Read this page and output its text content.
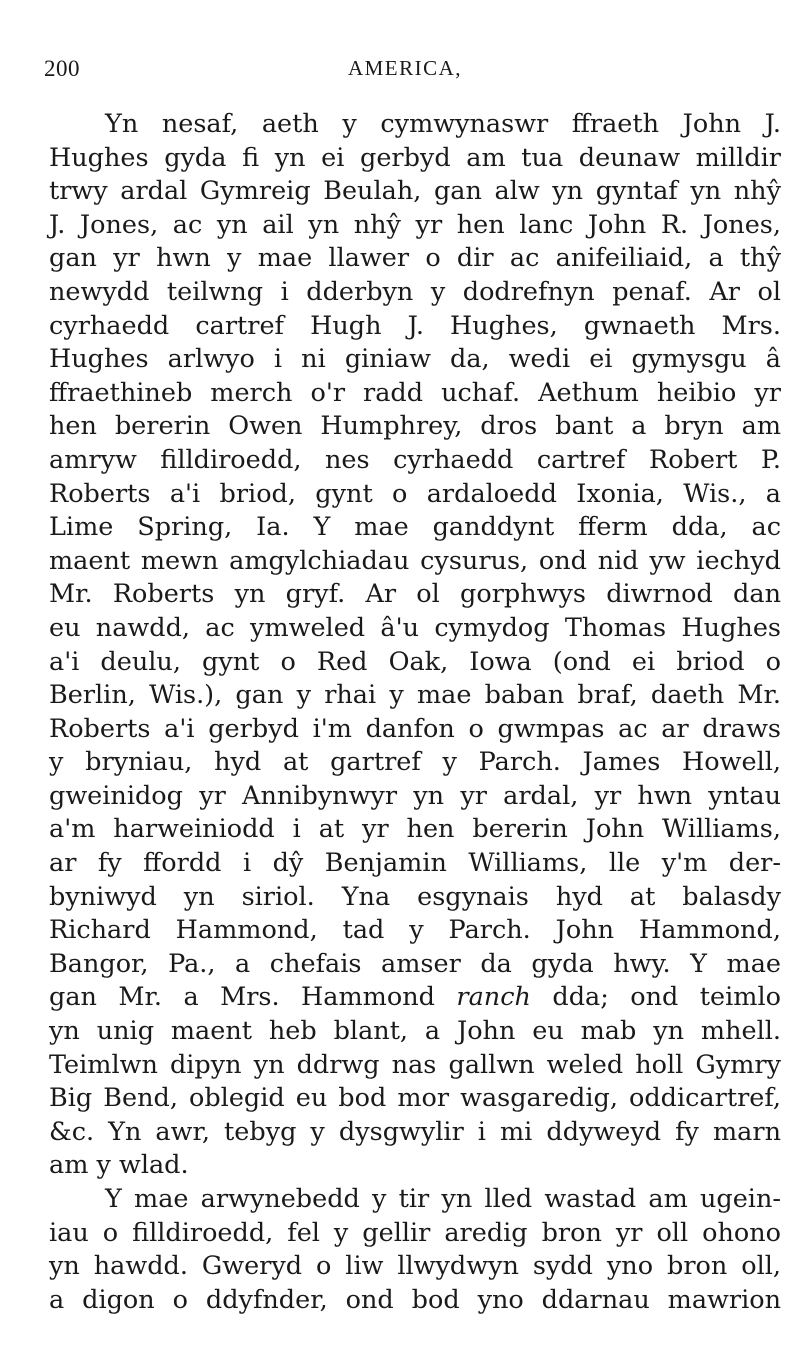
200	AMERICA,
Yn nesaf, aeth y cymwynaswr ffraeth John J.
Hughes gyda fi yn ei gerbyd am tua deunaw milldir
trwy ardal Gymreig Beulah, gan alw yn gyntaf yn nhŷ
J. Jones, ac yn ail yn nhŷ yr hen lanc John R. Jones,
gan yr hwn y mae llawer o dir ac anifeiliaid, a thŷ
newydd teilwng i dderbyn y dodrefnyn penaf. Ar ol
cyrhaedd cartref Hugh J. Hughes, gwnaeth Mrs.
Hughes arlwyo i ni giniaw da, wedi ei gymysgu â
ffraethineb merch o'r radd uchaf. Aethum heibio yr
hen bererin Owen Humphrey, dros bant a bryn am
amryw filldiroedd, nes cyrhaedd cartref Robert P.
Roberts a'i briod, gynt o ardaloedd Ixonia, Wis., a
Lime Spring, Ia. Y mae ganddynt fferm dda, ac
maent mewn amgylchiadau cysurus, ond nid yw iechyd
Mr. Roberts yn gryf. Ar ol gorphwys diwrnod dan
eu nawdd, ac ymweled â'u cymydog Thomas Hughes
a'i deulu, gynt o Red Oak, Iowa (ond ei briod o
Berlin, Wis.), gan y rhai y mae baban braf, daeth Mr.
Roberts a'i gerbyd i'm danfon o gwmpas ac ar draws
y bryniau, hyd at gartref y Parch. James Howell,
gweinidog yr Annibynwyr yn yr ardal, yr hwn yntau
a'm harweiniodd i at yr hen bererin John Williams,
ar fy ffordd i dŷ Benjamin Williams, lle y'm der-
byniwyd yn siriol. Yna esgynais hyd at balasdy
Richard Hammond, tad y Parch. John Hammond,
Bangor, Pa., a chefais amser da gyda hwy. Y mae
gan Mr. a Mrs. Hammond ranch dda; ond teimlo
yn unig maent heb blant, a John eu mab yn mhell.
Teimlwn dipyn yn ddrwg nas gallwn weled holl Gymry
Big Bend, oblegid eu bod mor wasgaredig, oddicartref,
&c. Yn awr, tebyg y dysgwylir i mi ddyweyd fy marn
am y wlad.
Y mae arwynebedd y tir yn lled wastad am ugein-
iau o filldiroedd, fel y gellir aredig bron yr oll ohono
yn hawdd. Gweryd o liw llwydwyn sydd yno bron oll,
a digon o ddyfnder, ond bod yno ddarnau mawrion
